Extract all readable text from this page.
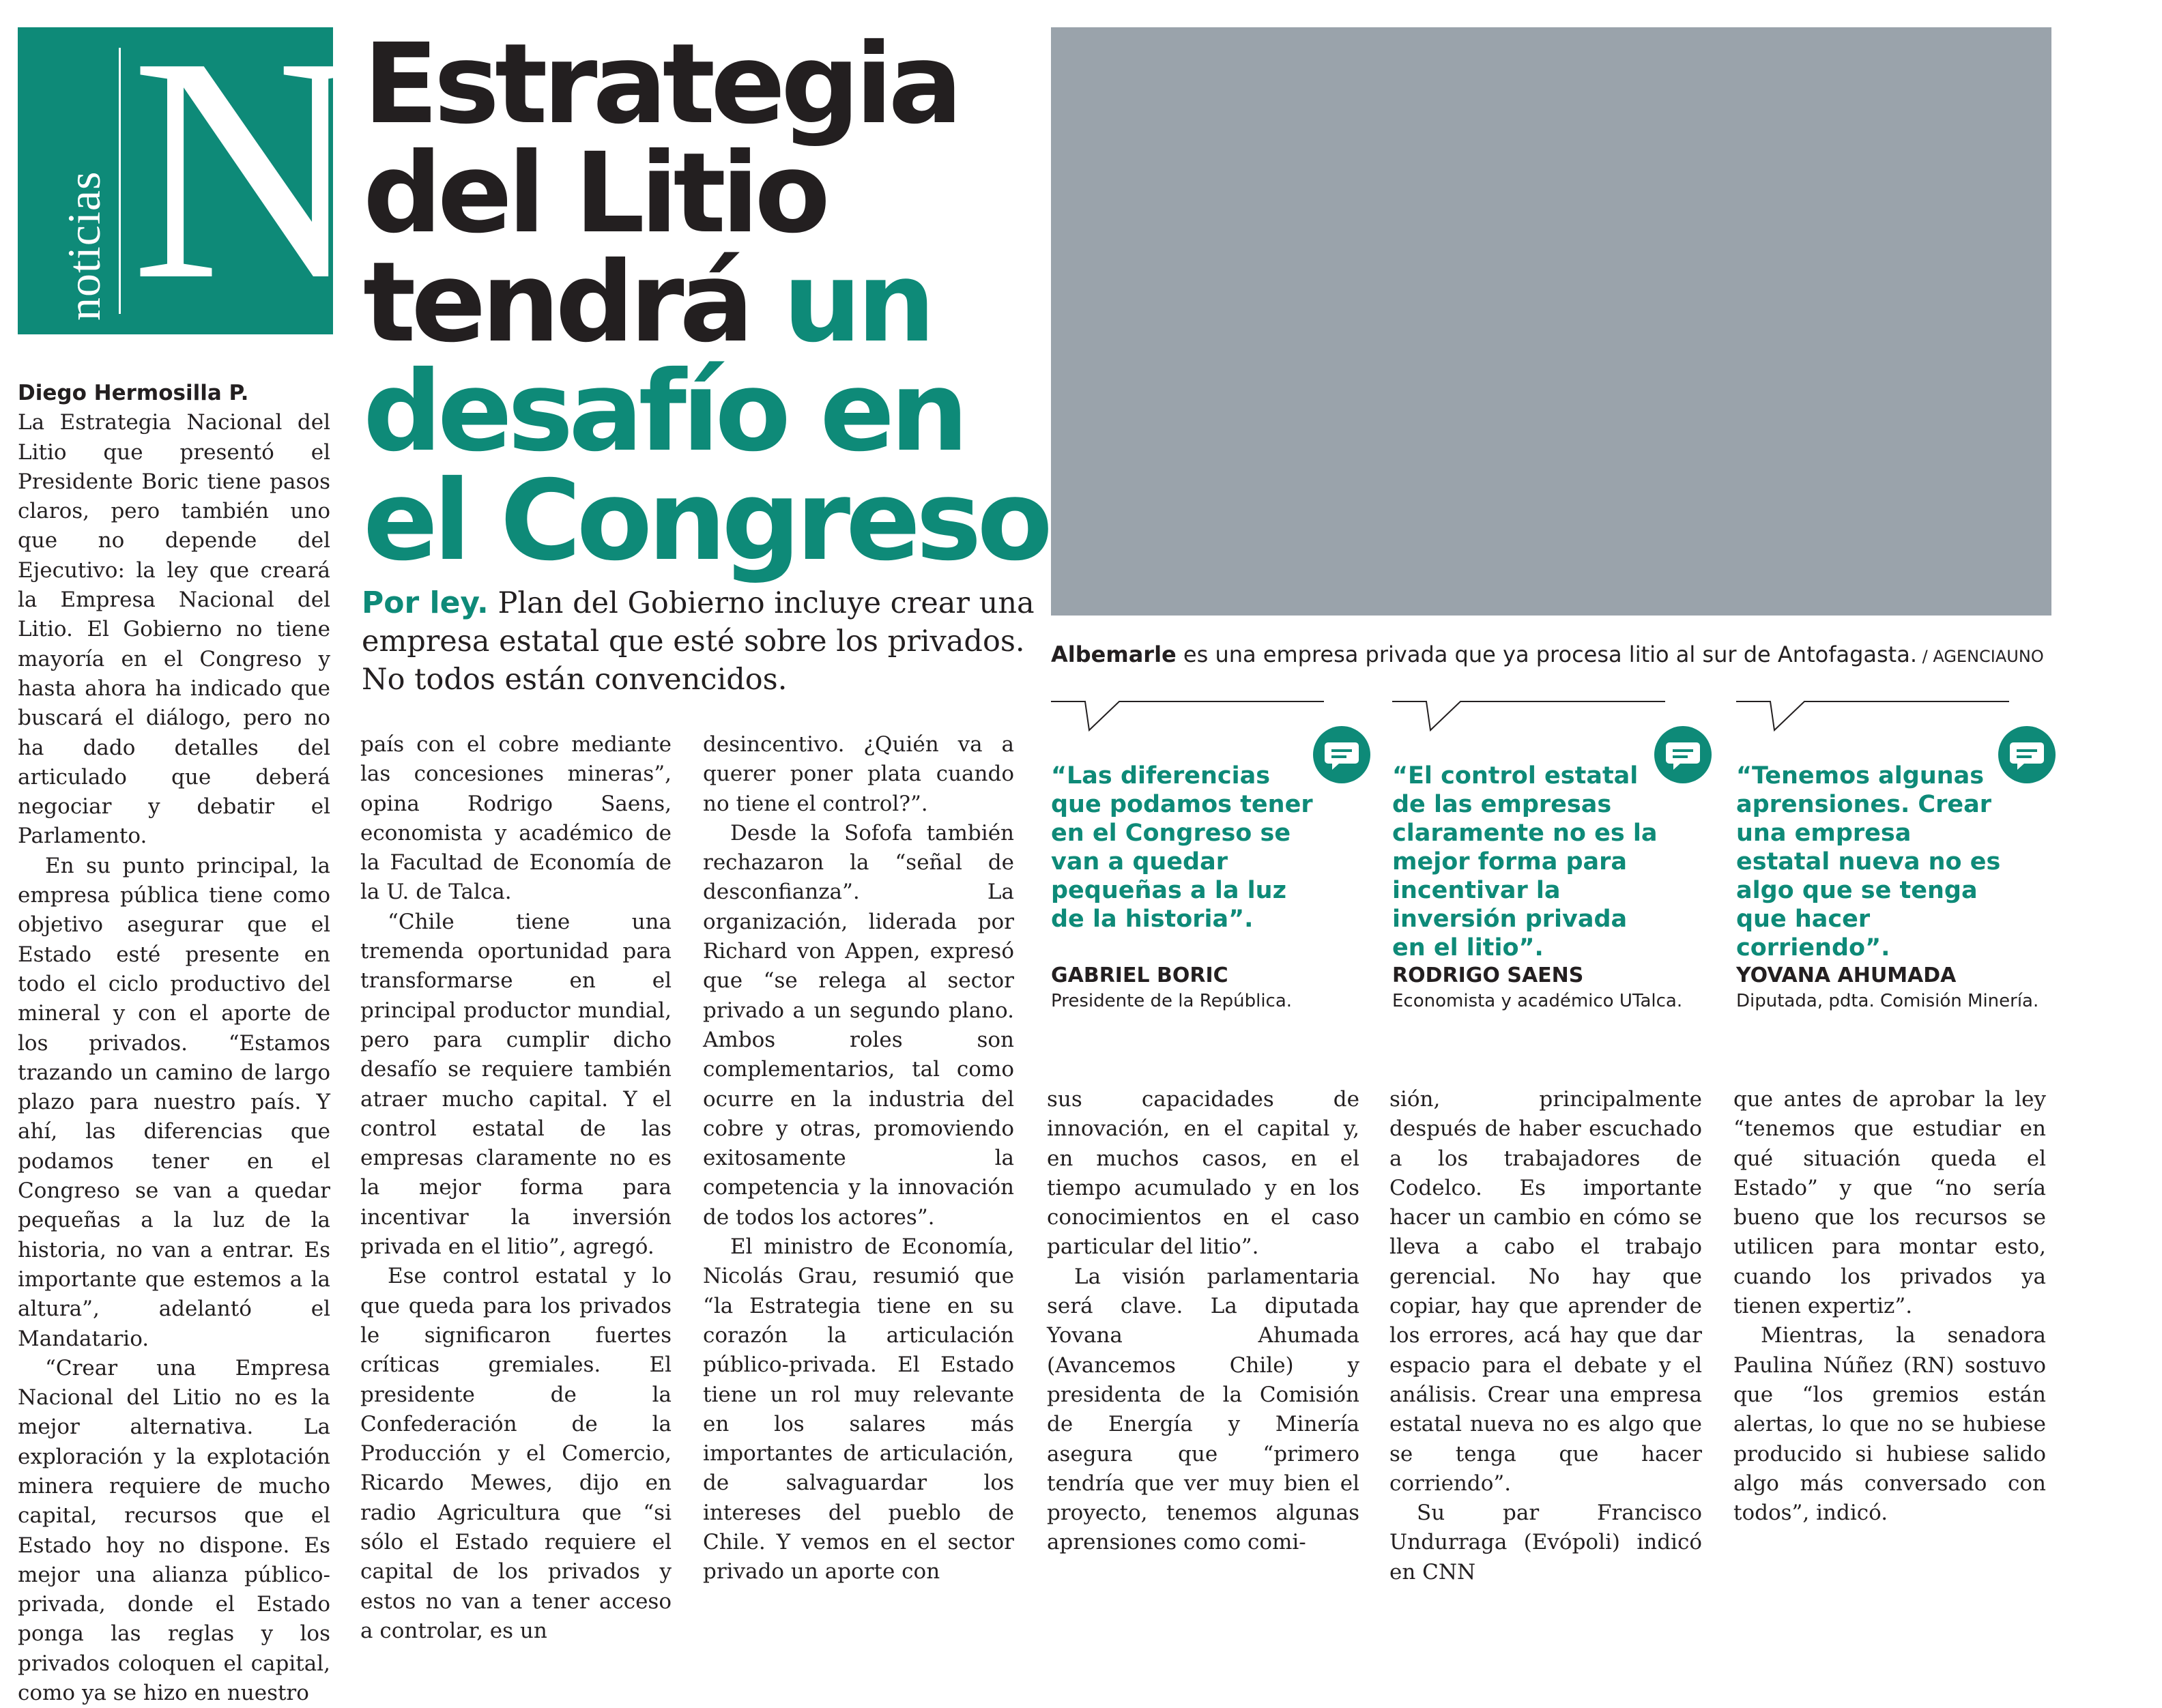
noticias N Estrategia del Litio tendrá un desafío en el Congreso

Por ley. Plan del Gobierno incluye crear una empresa estatal que esté sobre los privados. No todos están convencidos.

Albemarle es una empresa privada que ya procesa litio al sur de Antofagasta. / AGENCIAUNO

“Las diferencias que podamos tener en el Congreso se van a quedar pequeñas a la luz de la historia”.

GABRIEL BORIC

Presidente de la República.

“El control estatal de las empresas claramente no es la mejor forma para incentivar la inversión privada en el litio”.

RODRIGO SAENS

Economista y académico UTalca.

“Tenemos algunas aprensiones. Crear una empresa estatal nueva no es algo que se tenga que hacer corriendo”.

YOVANA AHUMADA

Diputada, pdta. Comisión Minería.

Diego Hermosilla P.

La Estrategia Nacional del Litio que presentó el Presidente Boric tiene pasos claros, pero también uno que no depende del Ejecutivo: la ley que creará la Empresa Nacional del Litio. El Gobierno no tiene mayoría en el Congreso y hasta ahora ha indicado que buscará el diálogo, pero no ha dado detalles del articulado que deberá negociar y debatir el Parlamento.

En su punto principal, la empresa pública tiene como objetivo asegurar que el Estado esté presente en todo el ciclo productivo del mineral y con el aporte de los privados. “Estamos trazando un camino de largo plazo para nuestro país. Y ahí, las diferencias que podamos tener en el Congreso se van a quedar pequeñas a la luz de la historia, no van a entrar. Es importante que estemos a la altura”, adelantó el Mandatario.

“Crear una Empresa Nacional del Litio no es la mejor alternativa. La exploración y la explotación minera requiere de mucho capital, recursos que el Estado hoy no dispone. Es mejor una alianza público-privada, donde el Estado ponga las reglas y los privados coloquen el capital, como ya se hizo en nuestro

país con el cobre mediante las concesiones mineras”, opina Rodrigo Saens, economista y académico de la Facultad de Economía de la U. de Talca.

“Chile tiene una tremenda oportunidad para transformarse en el principal productor mundial, pero para cumplir dicho desafío se requiere también atraer mucho capital. Y el control estatal de las empresas claramente no es la mejor forma para incentivar la inversión privada en el litio”, agregó.

Ese control estatal y lo que queda para los privados le significaron fuertes críticas gremiales. El presidente de la Confederación de la Producción y el Comercio, Ricardo Mewes, dijo en radio Agricultura que “si sólo el Estado requiere el capital de los privados y estos no van a tener acceso a controlar, es un

desincentivo. ¿Quién va a querer poner plata cuando no tiene el control?”.

Desde la Sofofa también rechazaron la “señal de desconfianza”. La organización, liderada por Richard von Appen, expresó que “se relega al sector privado a un segundo plano. Ambos roles son complementarios, tal como ocurre en la industria del cobre y otras, promoviendo exitosamente la competencia y la innovación de todos los actores”.

El ministro de Economía, Nicolás Grau, resumió que “la Estrategia tiene en su corazón la articulación público-privada. El Estado tiene un rol muy relevante en los salares más importantes de articulación, de salvaguardar los intereses del pueblo de Chile. Y vemos en el sector privado un aporte con

sus capacidades de innovación, en el capital y, en muchos casos, en el tiempo acumulado y en los conocimientos en el caso particular del litio”.

La visión parlamentaria será clave. La diputada Yovana Ahumada (Avancemos Chile) y presidenta de la Comisión de Energía y Minería asegura que “primero tendría que ver muy bien el proyecto, tenemos algunas aprensiones como comi-

sión, principalmente después de haber escuchado a los trabajadores de Codelco. Es importante hacer un cambio en cómo se lleva a cabo el trabajo gerencial. No hay que copiar, hay que aprender de los errores, acá hay que dar espacio para el debate y el análisis. Crear una empresa estatal nueva no es algo que se tenga que hacer corriendo”.

Su par Francisco Undurraga (Evópoli) indicó en CNN

que antes de aprobar la ley “tenemos que estudiar en qué situación queda el Estado” y que “no sería bueno que los recursos se utilicen para montar esto, cuando los privados ya tienen expertiz”.

Mientras, la senadora Paulina Núñez (RN) sostuvo que “los gremios están alertas, lo que no se hubiese producido si hubiese salido algo más conversado con todos”, indicó.
